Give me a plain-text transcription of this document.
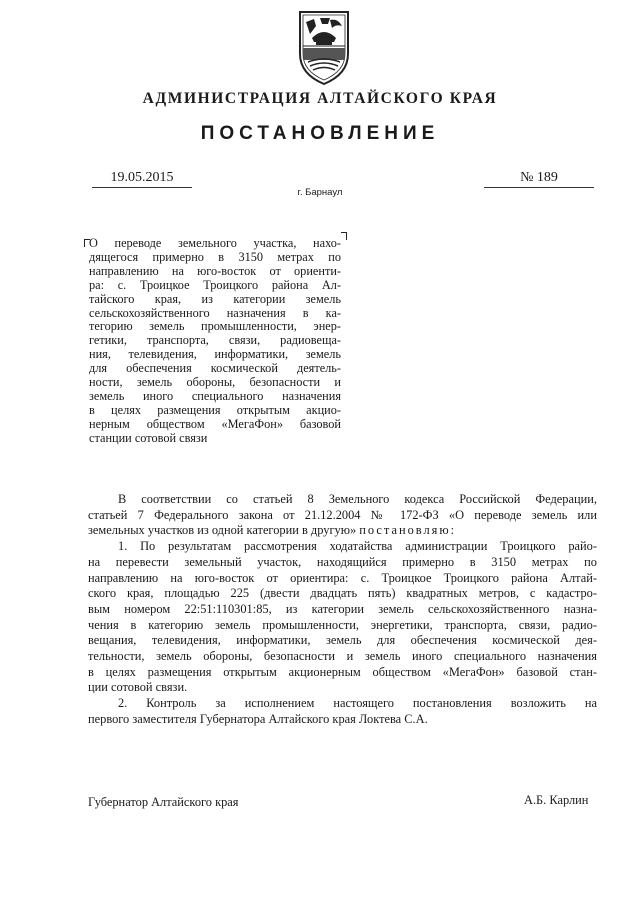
АДМИНИСТРАЦИЯ АЛТАЙСКОГО КРАЯ
ПОСТАНОВЛЕНИЕ
19.05.2015	№ 189
г. Барнаул
О переводе земельного участка, нахо-
дящегося примерно в 3150 метрах по
направлению на юго-восток от ориенти-
ра: с. Троицкое Троицкого района Ал-
тайского края, из категории земель
сельскохозяйственного назначения в ка-
тегорию земель промышленности, энер-
гетики, транспорта, связи, радиовеща-
ния, телевидения, информатики, земель
для обеспечения космической деятель-
ности, земель обороны, безопасности и
земель иного специального назначения
в целях размещения открытым акцио-
нерным обществом «МегаФон» базовой
станции сотовой связи
В соответствии со статьей 8 Земельного кодекса Российской Федерации,
статьей 7 Федерального закона от 21.12.2004 № 172-ФЗ «О переводе земель или
земельных участков из одной категории в другую» постановляю:
1. По результатам рассмотрения ходатайства администрации Троицкого райо-
на перевести земельный участок, находящийся примерно в 3150 метрах по
направлению на юго-восток от ориентира: с. Троицкое Троицкого района Алтай-
ского края, площадью 225 (двести двадцать пять) квадратных метров, с кадастро-
вым номером 22:51:110301:85, из категории земель сельскохозяйственного назна-
чения в категорию земель промышленности, энергетики, транспорта, связи, радио-
вещания, телевидения, информатики, земель для обеспечения космической дея-
тельности, земель обороны, безопасности и земель иного специального назначения
в целях размещения открытым акционерным обществом «МегаФон» базовой стан-
ции сотовой связи.
2. Контроль за исполнением настоящего постановления возложить на
первого заместителя Губернатора Алтайского края Локтева С.А.
Губернатор Алтайского края	А.Б. Карлин
